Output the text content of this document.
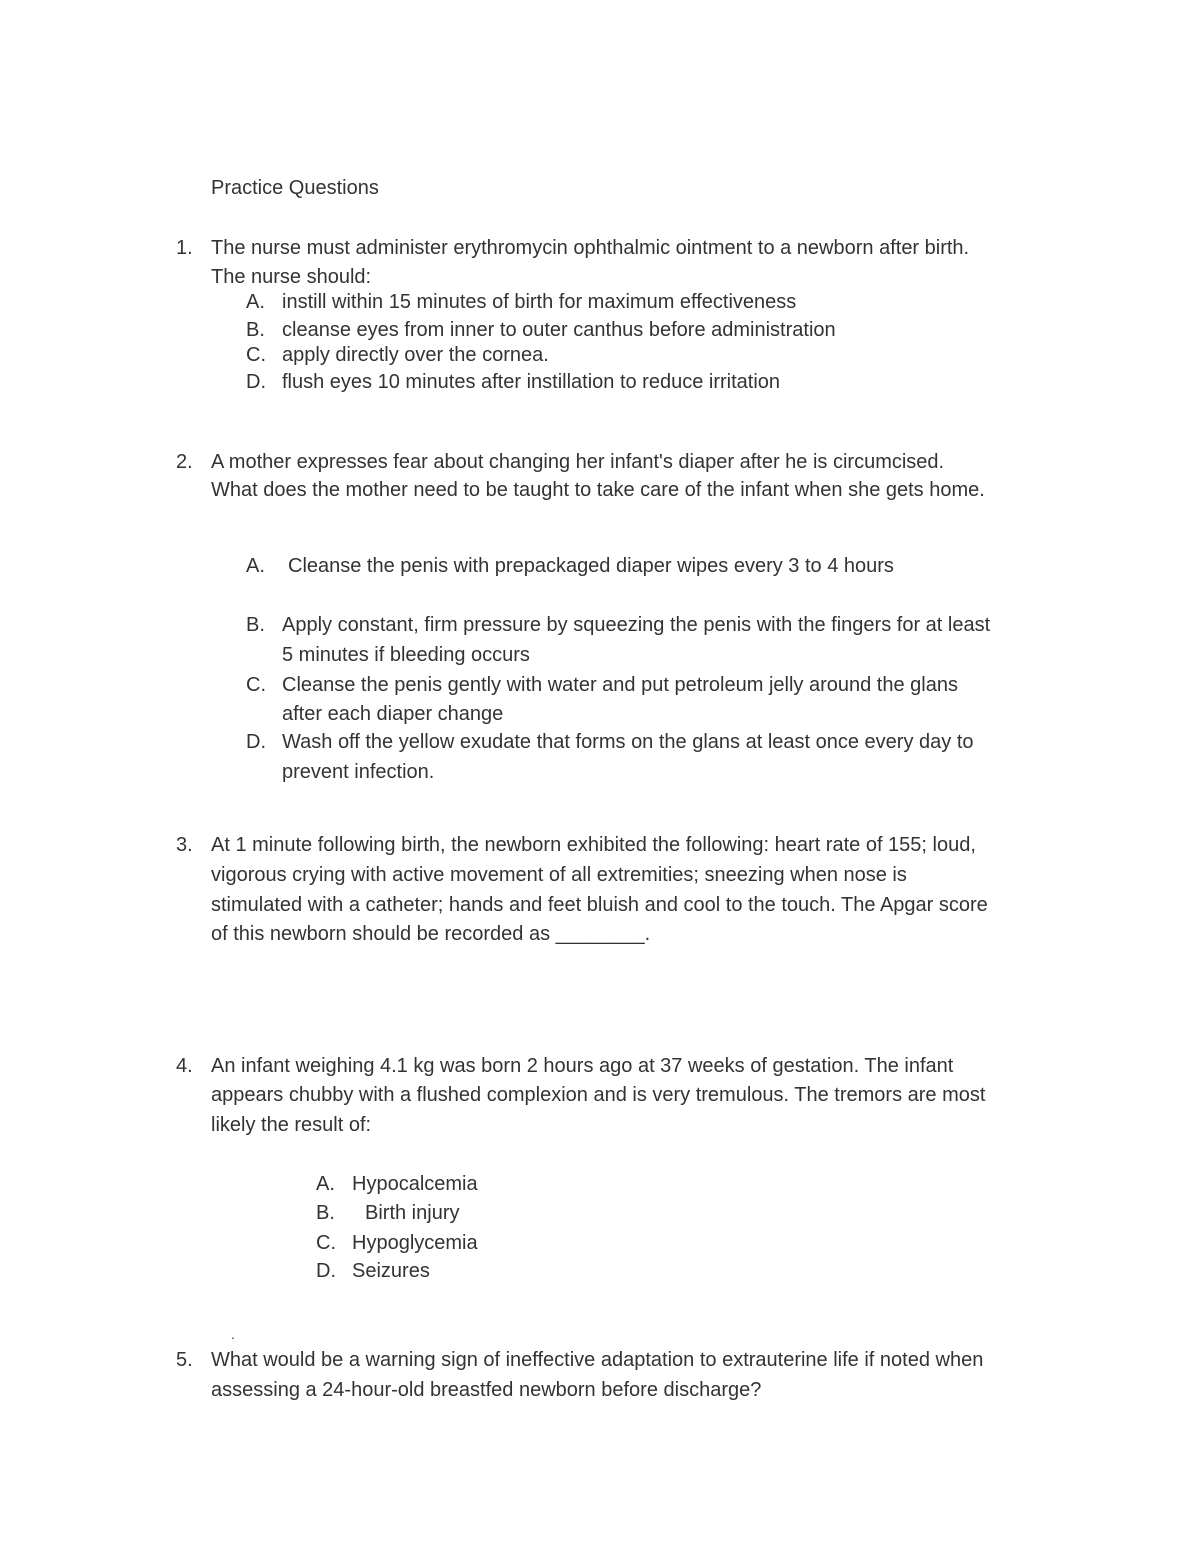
Practice Questions
1. The nurse must administer erythromycin ophthalmic ointment to a newborn after birth.
The nurse should:
A. instill within 15 minutes of birth for maximum effectiveness
B. cleanse eyes from inner to outer canthus before administration
C. apply directly over the cornea.
D. flush eyes 10 minutes after instillation to reduce irritation
2. A mother expresses fear about changing her infant's diaper after he is circumcised.
What does the mother need to be taught to take care of the infant when she gets home.
A. Cleanse the penis with prepackaged diaper wipes every 3 to 4 hours
B. Apply constant, firm pressure by squeezing the penis with the fingers for at least
5 minutes if bleeding occurs
C. Cleanse the penis gently with water and put petroleum jelly around the glans
after each diaper change
D. Wash off the yellow exudate that forms on the glans at least once every day to
prevent infection.
3. At 1 minute following birth, the newborn exhibited the following: heart rate of 155; loud,
vigorous crying with active movement of all extremities; sneezing when nose is
stimulated with a catheter; hands and feet bluish and cool to the touch. The Apgar score
of this newborn should be recorded as ________.
4. An infant weighing 4.1 kg was born 2 hours ago at 37 weeks of gestation. The infant
appears chubby with a flushed complexion and is very tremulous. The tremors are most
likely the result of:
A. Hypocalcemia
B. Birth injury
C. Hypoglycemia
D. Seizures
.
5. What would be a warning sign of ineffective adaptation to extrauterine life if noted when
assessing a 24-hour-old breastfed newborn before discharge?
